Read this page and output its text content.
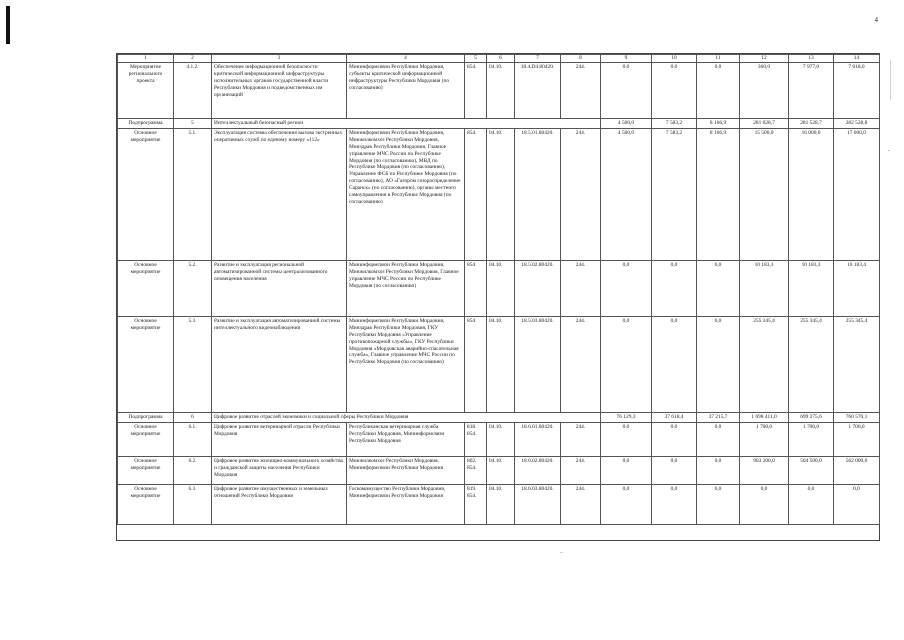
4
1	2	3	4	5	6	7	8	9	10	11	12	13	14
Мероприятие регионального проекта	4.1.2.	Обеспечение информационной безопасности критической информационной инфраструктуры исполнительных органов государственной власти Республики Мордовия и подведомственных им организаций	Мининформсвязи Республики Мордовия, субъекты критической информационной инфраструктуры Республики Мордовия (по согласованию)	854.	04.10.	18.4.D4.80420.	244.	0,0	0,0	0,0	360,0	7 977,0	7 018,0
Подпрограмма	5	Интеллектуальный безопасный регион						4 500,0	7 583,2	8 166,9	281 028,7	281 528,7	282 528,8
Основное мероприятие	5.1.	Эксплуатация системы обеспечения вызова экстренных оперативных служб по единому номеру «112»	Мининформсвязи Республики Мордовия, Минжилкомхоз Республики Мордовия, Минздрав Республики Мордовия, Главное управление МЧС России по Республике Мордовия (по согласованию), МВД по Республике Мордовия (по согласованию), Управление ФСБ по Республике Мордовия (по согласованию), АО «Газпром газораспределение Саранск» (по согласованию), органы местного самоуправления в Республике Мордовия (по согласованию)	854.	04.10.	18.5.01.80420.	244.	4 500,0	7 583,2	8 166,9	15 500,0	16 000,0	17 000,0
Основное мероприятие	5.2.	Развитие и эксплуатация региональной автоматизированной системы централизованного оповещения населения	Мининформсвязи Республики Мордовия, Минжилкомхоз Республики Мордовия, Главное управление МЧС России по Республике Мордовия (по согласованию)	854.	04.10.	18.5.02.80420.	244.	0,0	0,0	0,0	10 183,3	10 183,3	10 183,4
Основное мероприятие	5.3.	Развитие и эксплуатация автоматизированной системы интеллектуального видеонаблюдения	Мининформсвязи Республики Мордовия, Минздрав Республики Мордовия, ГКУ Республики Мордовия «Управление противопожарной службы», ГКУ Республики Мордовия «Мордовская аварийно-спасательная служба», Главное управление МЧС России по Республике Мордовия (по согласованию)	854.	04.10.	18.5.03.80420.	244.	0,0	0,0	0,0	255 345,4	255 345,4	255 345,4
Подпрограмма	6	Цифровое развитие отраслей экономики и социальной сферы Республики Мордовия						76 129,3	37 618,4	37 215,7	1 698 411,0	699 275,6	760 570,1
Основное мероприятие	6.1.	Цифровое развитие ветеринарной отрасли Республики Мордовия	Республиканская ветеринарная служба Республики Мордовия, Мининформсвязи Республики Мордовия	818. 854.	04.10.	18.6.01.80420.	244.	0,0	0,0	0,0	1 700,0	1 700,0	1 700,0
Основное мероприятие	6.2.	Цифровое развитие жилищно-коммунального хозяйства и гражданской защиты населения Республики Мордовия	Минжилкомхоз Республики Мордовия, Мининформсвязи Республики Мордовия	802. 854.	04.10.	18.6.02.80420.	244.	0,0	0,0	0,0	903 300,0	504 500,0	562 000,0
Основное мероприятие	6.3.	Цифровое развитие имущественных и земельных отношений Республики Мордовия	Госкомимущество Республики Мордовия, Мининформсвязи Республики Мордовия	819. 854.	04.10.	18.6.03.80420.	244.	0,0	0,0	0,0	0,0	0,0	0,0
